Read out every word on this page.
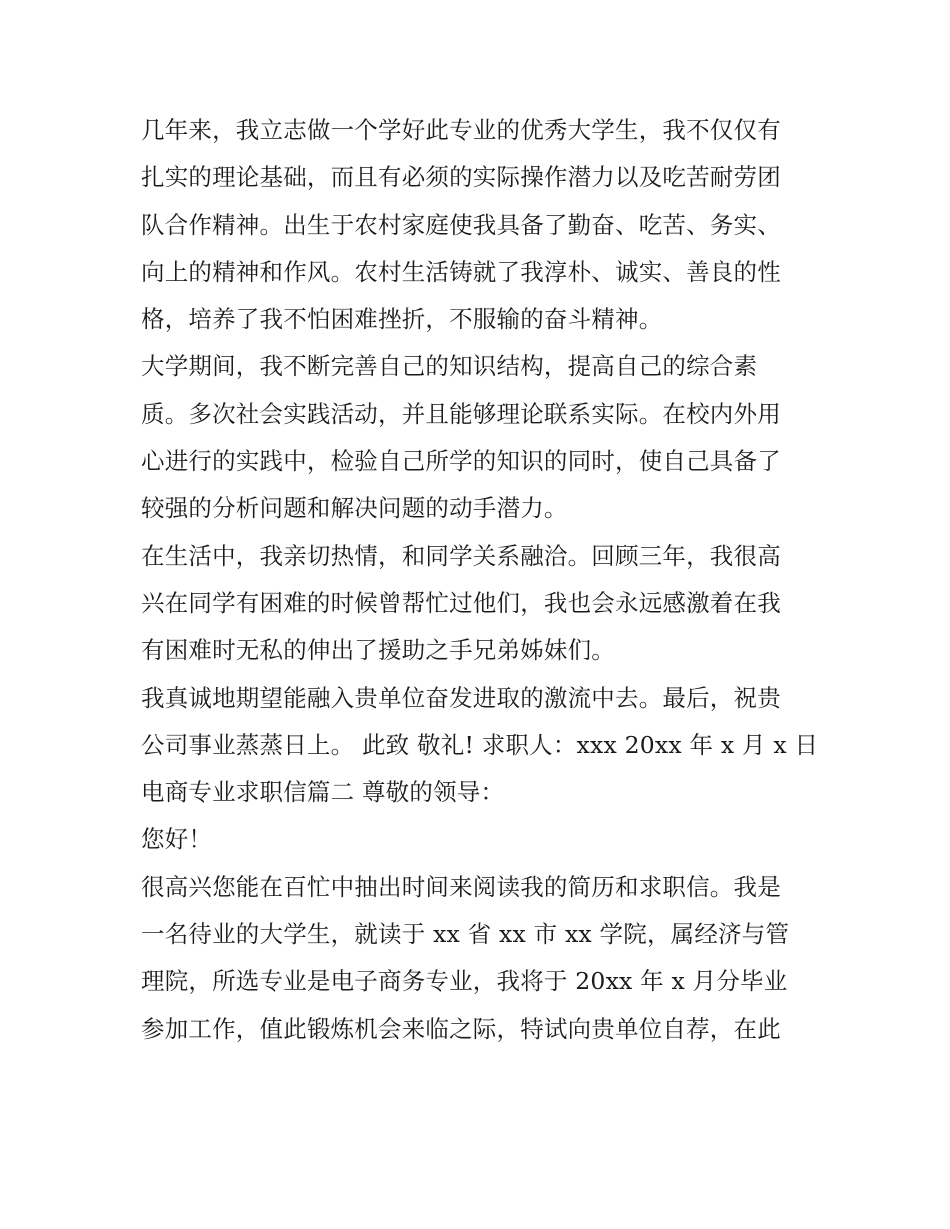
几年来，我立志做一个学好此专业的优秀大学生，我不仅仅有
扎实的理论基础，而且有必须的实际操作潜力以及吃苦耐劳团
队合作精神。出生于农村家庭使我具备了勤奋、吃苦、务实、
向上的精神和作风。农村生活铸就了我淳朴、诚实、善良的性
格，培养了我不怕困难挫折，不服输的奋斗精神。
大学期间，我不断完善自己的知识结构，提高自己的综合素
质。多次社会实践活动，并且能够理论联系实际。在校内外用
心进行的实践中，检验自己所学的知识的同时，使自己具备了
较强的分析问题和解决问题的动手潜力。
在生活中，我亲切热情，和同学关系融洽。回顾三年，我很高
兴在同学有困难的时候曾帮忙过他们，我也会永远感激着在我
有困难时无私的伸出了援助之手兄弟姊妹们。
我真诚地期望能融入贵单位奋发进取的激流中去。最后，祝贵
公司事业蒸蒸日上。 此致 敬礼! 求职人：xxx 20xx 年 x 月 x 日
电商专业求职信篇二 尊敬的领导：
您好！
很高兴您能在百忙中抽出时间来阅读我的简历和求职信。我是
一名待业的大学生，就读于 xx 省 xx 市 xx 学院，属经济与管
理院，所选专业是电子商务专业，我将于 20xx 年 x 月分毕业
参加工作，值此锻炼机会来临之际，特试向贵单位自荐，在此
